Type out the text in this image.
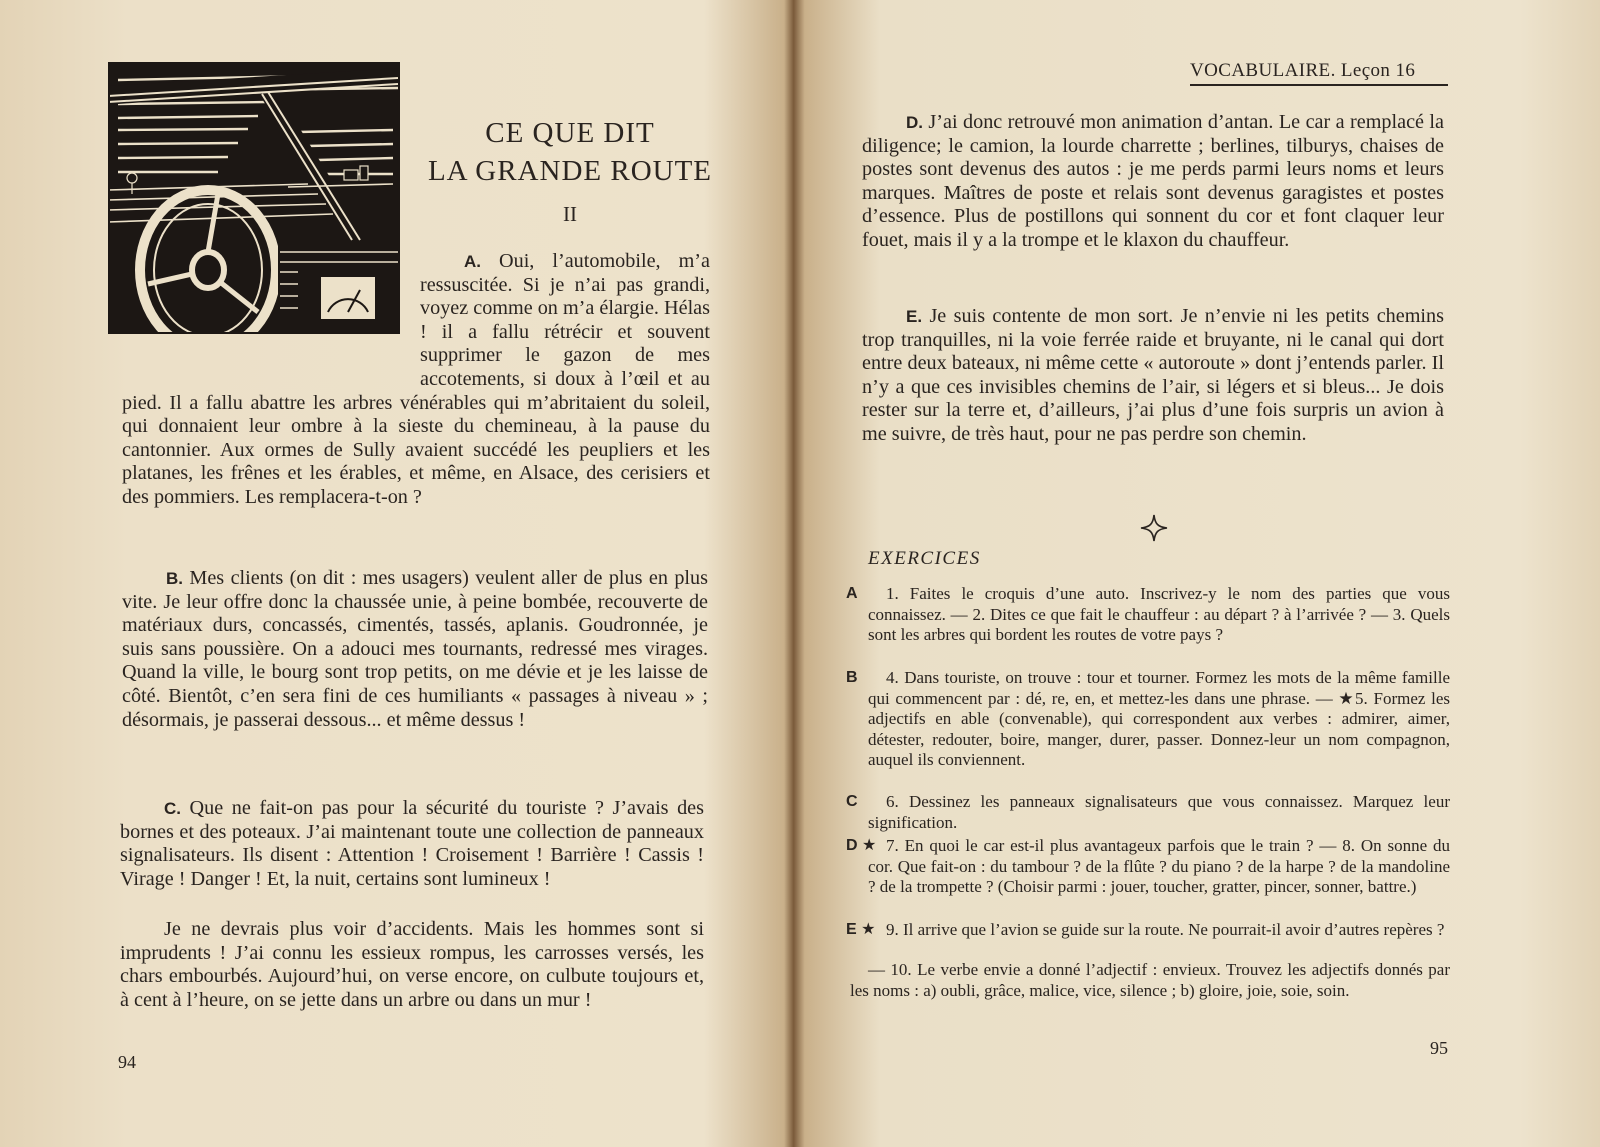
CE QUE DIT
LA GRANDE ROUTE
II

A. Oui, l’automobile, m’a ressuscitée. Si je n’ai pas grandi, voyez comme on m’a élargie. Hélas ! il a fallu rétrécir et souvent supprimer le gazon de mes accotements, si doux à l’œil et au pied. Il a fallu abattre les arbres vénérables qui m’abritaient du soleil, qui donnaient leur ombre à la sieste du chemineau, à la pause du cantonnier. Aux ormes de Sully avaient succédé les peupliers et les platanes, les frênes et les érables, et même, en Alsace, des cerisiers et des pommiers. Les remplacera-t-on ?

B. Mes clients (on dit : mes usagers) veulent aller de plus en plus vite. Je leur offre donc la chaussée unie, à peine bombée, recouverte de matériaux durs, concassés, cimentés, tassés, aplanis. Goudronnée, je suis sans poussière. On a adouci mes tournants, redressé mes virages. Quand la ville, le bourg sont trop petits, on me dévie et je les laisse de côté. Bientôt, c’en sera fini de ces humiliants « passages à niveau » ; désormais, je passerai dessous... et même dessus !

C. Que ne fait-on pas pour la sécurité du touriste ? J’avais des bornes et des poteaux. J’ai maintenant toute une collection de panneaux signalisateurs. Ils disent : Attention ! Croisement ! Barrière ! Cassis ! Virage ! Danger ! Et, la nuit, certains sont lumineux !

Je ne devrais plus voir d’accidents. Mais les hommes sont si imprudents ! J’ai connu les essieux rompus, les carrosses versés, les chars embourbés. Aujourd’hui, on verse encore, on culbute toujours et, à cent à l’heure, on se jette dans un arbre ou dans un mur !

94
VOCABULAIRE. Leçon 16

D. J’ai donc retrouvé mon animation d’antan. Le car a remplacé la diligence; le camion, la lourde charrette ; berlines, tilburys, chaises de postes sont devenus des autos : je me perds parmi leurs noms et leurs marques. Maîtres de poste et relais sont devenus garagistes et postes d’essence. Plus de postillons qui sonnent du cor et font claquer leur fouet, mais il y a la trompe et le klaxon du chauffeur.

E. Je suis contente de mon sort. Je n’envie ni les petits chemins trop tranquilles, ni la voie ferrée raide et bruyante, ni le canal qui dort entre deux bateaux, ni même cette « autoroute » dont j’entends parler. Il n’y a que ces invisibles chemins de l’air, si légers et si bleus... Je dois rester sur la terre et, d’ailleurs, j’ai plus d’une fois surpris un avion à me suivre, de très haut, pour ne pas perdre son chemin.

EXERCICES
A	1. Faites le croquis d’une auto. Inscrivez-y le nom des parties que vous connaissez. — 2. Dites ce que fait le chauffeur : au départ ? à l’arrivée ? — 3. Quels sont les arbres qui bordent les routes de votre pays ?
B	4. Dans touriste, on trouve : tour et tourner. Formez les mots de la même famille qui commencent par : dé, re, en, et mettez-les dans une phrase. — ★5. Formez les adjectifs en able (convenable), qui correspondent aux verbes : admirer, aimer, détester, redouter, boire, manger, durer, passer. Donnez-leur un nom compagnon, auquel ils conviennent.
C	6. Dessinez les panneaux signalisateurs que vous connaissez. Marquez leur signification.
D ★ 7. En quoi le car est-il plus avantageux parfois que le train ? — 8. On sonne du cor. Que fait-on : du tambour ? de la flûte ? du piano ? de la harpe ? de la mandoline ? de la trompette ? (Choisir parmi : jouer, toucher, gratter, pincer, sonner, battre.)
E ★ 9. Il arrive que l’avion se guide sur la route. Ne pourrait-il avoir d’autres repères ?
— 10. Le verbe envie a donné l’adjectif : envieux. Trouvez les adjectifs donnés par les noms : a) oubli, grâce, malice, vice, silence ; b) gloire, joie, soie, soin.
95
